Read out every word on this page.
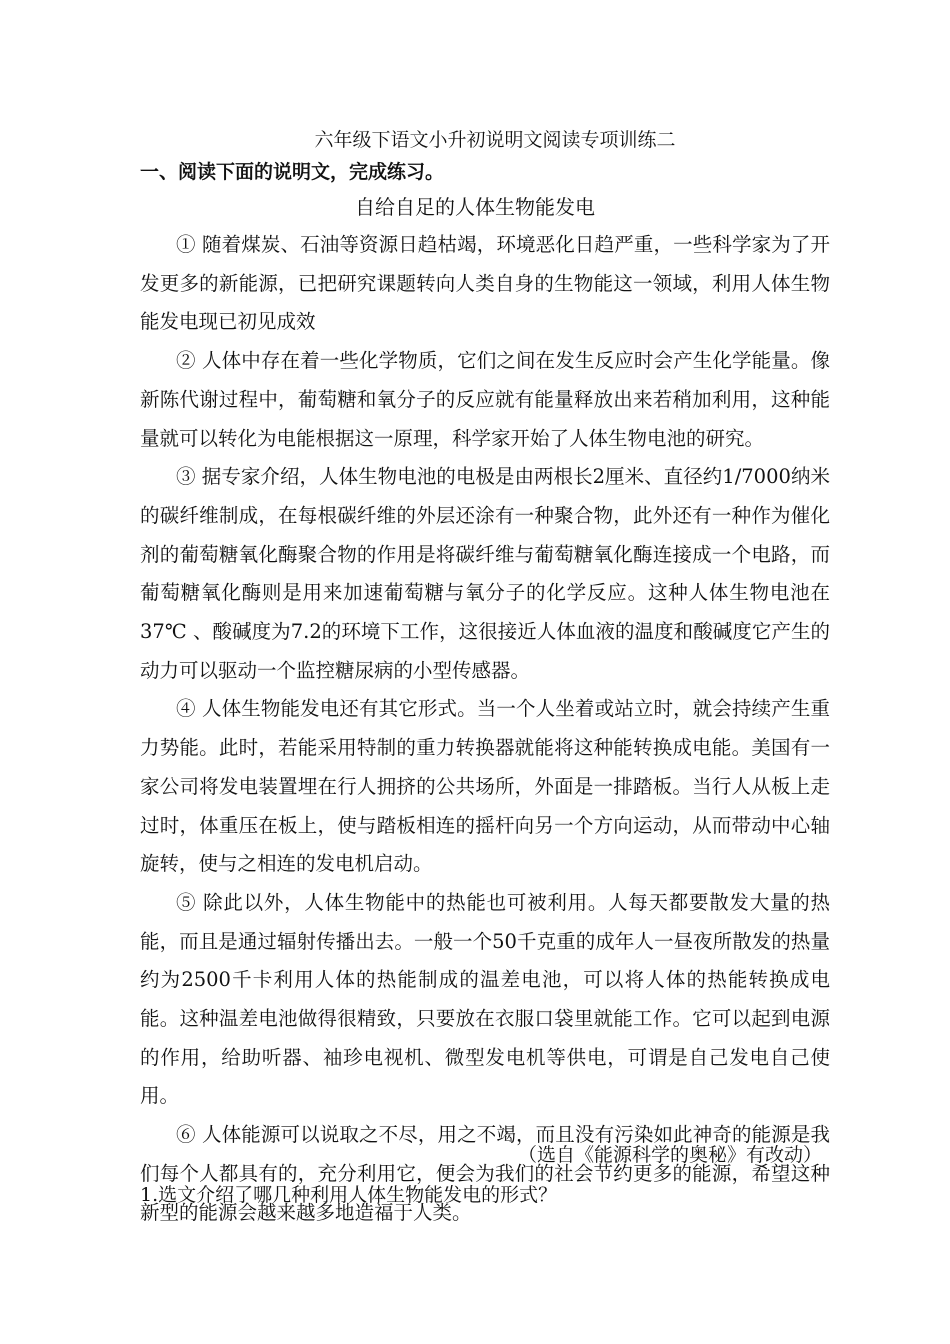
六年级下语文小升初说明文阅读专项训练二
一、阅读下面的说明文，完成练习。
自给自足的人体生物能发电

① 随着煤炭、石油等资源日趋枯竭，环境恶化日趋严重，一些科学家为了开发更多的新能源，已把研究课题转向人类自身的生物能这一领域，利用人体生物能发电现已初见成效

② 人体中存在着一些化学物质，它们之间在发生反应时会产生化学能量。像新陈代谢过程中，葡萄糖和氧分子的反应就有能量释放出来若稍加利用，这种能量就可以转化为电能根据这一原理，科学家开始了人体生物电池的研究。

③ 据专家介绍，人体生物电池的电极是由两根长2厘米、直径约1/7000纳米的碳纤维制成，在每根碳纤维的外层还涂有一种聚合物，此外还有一种作为催化剂的葡萄糖氧化酶聚合物的作用是将碳纤维与葡萄糖氧化酶连接成一个电路，而葡萄糖氧化酶则是用来加速葡萄糖与氧分子的化学反应。这种人体生物电池在37℃ 、酸碱度为7.2的环境下工作，这很接近人体血液的温度和酸碱度它产生的动力可以驱动一个监控糖尿病的小型传感器。

④ 人体生物能发电还有其它形式。当一个人坐着或站立时，就会持续产生重力势能。此时，若能采用特制的重力转换器就能将这种能转换成电能。美国有一家公司将发电装置埋在行人拥挤的公共场所，外面是一排踏板。当行人从板上走过时，体重压在板上，使与踏板相连的摇杆向另一个方向运动，从而带动中心轴旋转，使与之相连的发电机启动。

⑤ 除此以外，人体生物能中的热能也可被利用。人每天都要散发大量的热能，而且是通过辐射传播出去。一般一个50千克重的成年人一昼夜所散发的热量约为2500千卡利用人体的热能制成的温差电池，可以将人体的热能转换成电能。这种温差电池做得很精致，只要放在衣服口袋里就能工作。它可以起到电源的作用，给助听器、袖珍电视机、微型发电机等供电，可谓是自己发电自己使用。

⑥ 人体能源可以说取之不尽，用之不竭，而且没有污染如此神奇的能源是我们每个人都具有的，充分利用它，便会为我们的社会节约更多的能源，希望这种新型的能源会越来越多地造福于人类。

（选自《能源科学的奥秘》有改动）
1.选文介绍了哪几种利用人体生物能发电的形式？
